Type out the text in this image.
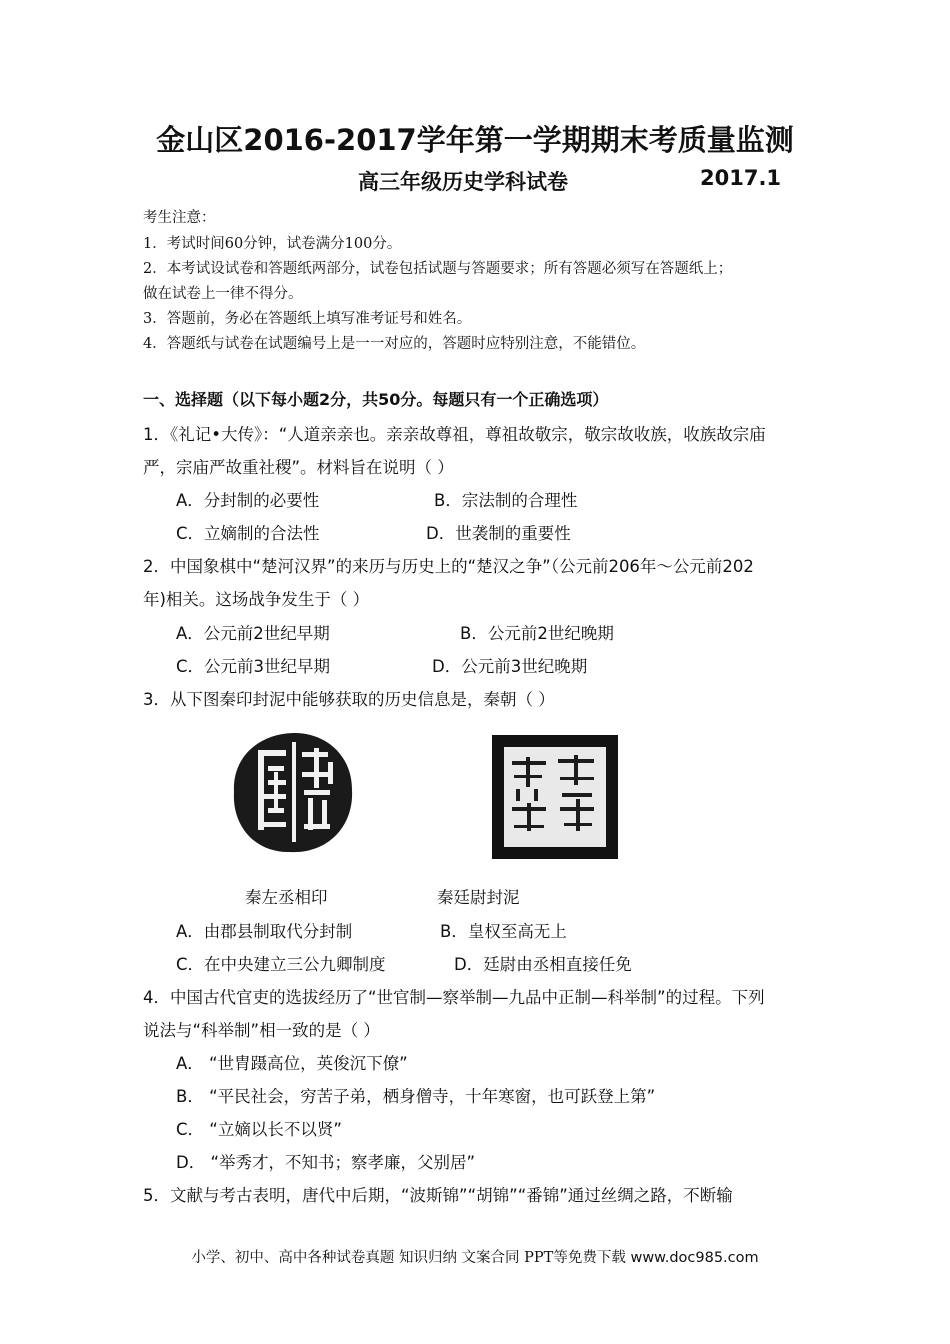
金山区2016-2017学年第一学期期末考质量监测
高三年级历史学科试卷	2017.1
考生注意：
1．考试时间60分钟，试卷满分100分。
2．本考试设试卷和答题纸两部分，试卷包括试题与答题要求；所有答题必须写在答题纸上；
做在试卷上一律不得分。
3．答题前，务必在答题纸上填写准考证号和姓名。
4．答题纸与试卷在试题编号上是一一对应的，答题时应特别注意，不能错位。
一、选择题（以下每小题2分，共50分。每题只有一个正确选项）
1．《礼记•大传》：“人道亲亲也。亲亲故尊祖，尊祖故敬宗，敬宗故收族，收族故宗庙
严，宗庙严故重社稷”。材料旨在说明（ ）
A．分封制的必要性	B．宗法制的合理性
C．立嫡制的合法性	D．世袭制的重要性
2．中国象棋中“楚河汉界”的来历与历史上的“楚汉之争”（公元前206年～公元前202
年)相关。这场战争发生于（ ）
A．公元前2世纪早期	B．公元前2世纪晚期
C．公元前3世纪早期	D．公元前3世纪晚期
3．从下图秦印封泥中能够获取的历史信息是，秦朝（ ）
秦左丞相印	秦廷尉封泥
A．由郡县制取代分封制	B．皇权至高无上
C．在中央建立三公九卿制度	D．廷尉由丞相直接任免
4．中国古代官吏的选拔经历了“世官制—察举制—九品中正制—科举制”的过程。下列
说法与“科举制”相一致的是（ ）
A． “世胄蹑高位，英俊沉下僚”
B． “平民社会，穷苦子弟，栖身僧寺，十年寒窗，也可跃登上第”
C． “立嫡以长不以贤”
D． “举秀才，不知书；察孝廉，父别居”
5．文献与考古表明，唐代中后期，“波斯锦”“胡锦”“番锦”通过丝绸之路，不断输
小学、初中、高中各种试卷真题 知识归纳 文案合同 PPT等免费下载 www.doc985.com
